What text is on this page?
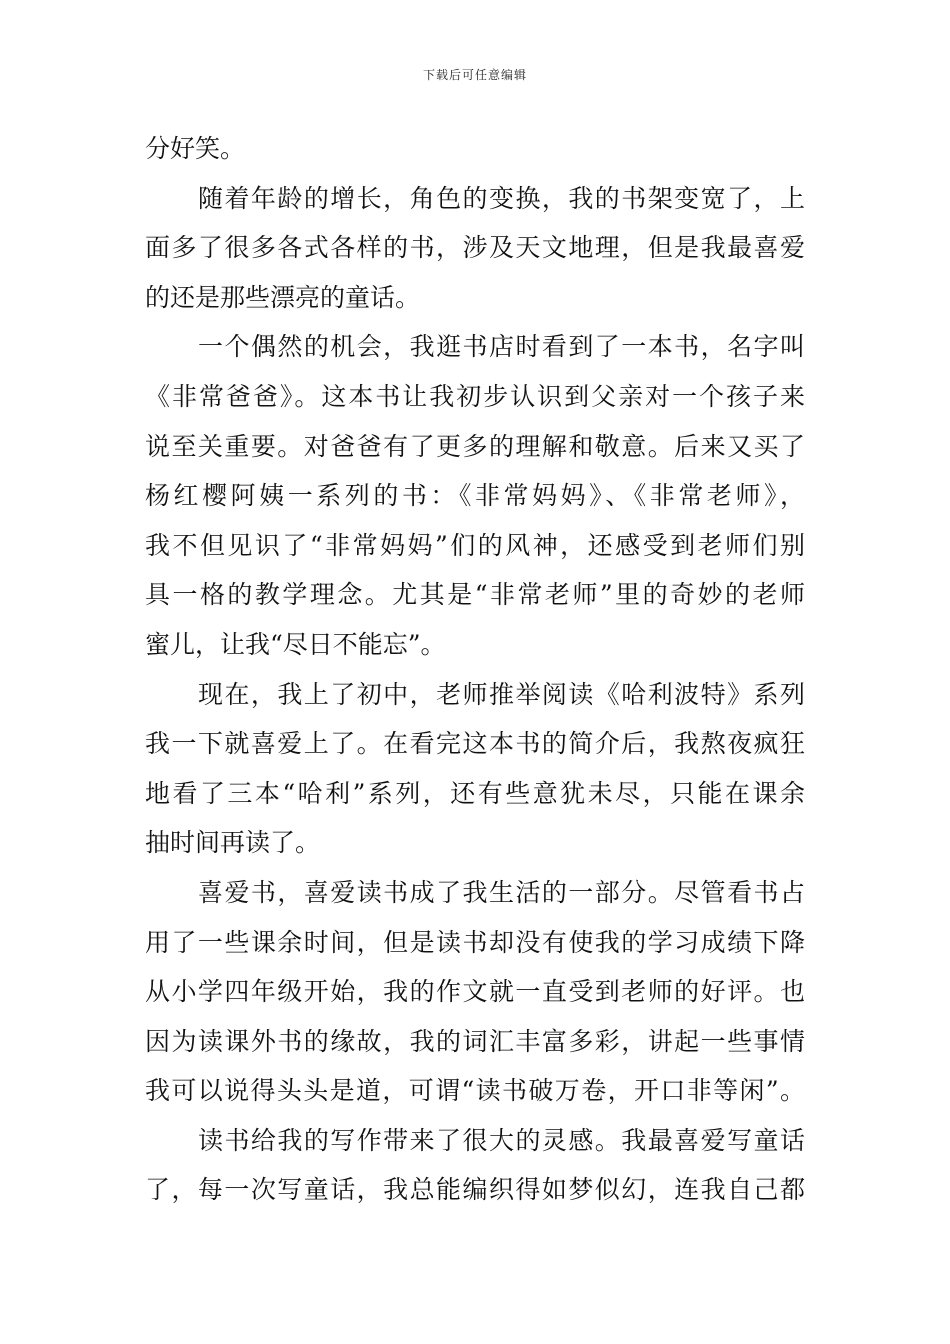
下载后可任意编辑
分好笑。
随着年龄的增长，角色的变换，我的书架变宽了，上
面多了很多各式各样的书，涉及天文地理，但是我最喜爱
的还是那些漂亮的童话。
一个偶然的机会，我逛书店时看到了一本书，名字叫
《非常爸爸》。这本书让我初步认识到父亲对一个孩子来
说至关重要。对爸爸有了更多的理解和敬意。后来又买了
杨红樱阿姨一系列的书：《非常妈妈》、《非常老师》，
我不但见识了“非常妈妈”们的风神，还感受到老师们别
具一格的教学理念。尤其是“非常老师”里的奇妙的老师
蜜儿，让我“尽日不能忘”。
现在，我上了初中，老师推举阅读《哈利波特》系列
我一下就喜爱上了。在看完这本书的简介后，我熬夜疯狂
地看了三本“哈利”系列，还有些意犹未尽，只能在课余
抽时间再读了。
喜爱书，喜爱读书成了我生活的一部分。尽管看书占
用了一些课余时间，但是读书却没有使我的学习成绩下降
从小学四年级开始，我的作文就一直受到老师的好评。也
因为读课外书的缘故，我的词汇丰富多彩，讲起一些事情
我可以说得头头是道，可谓“读书破万卷，开口非等闲”。
读书给我的写作带来了很大的灵感。我最喜爱写童话
了，每一次写童话，我总能编织得如梦似幻，连我自己都
